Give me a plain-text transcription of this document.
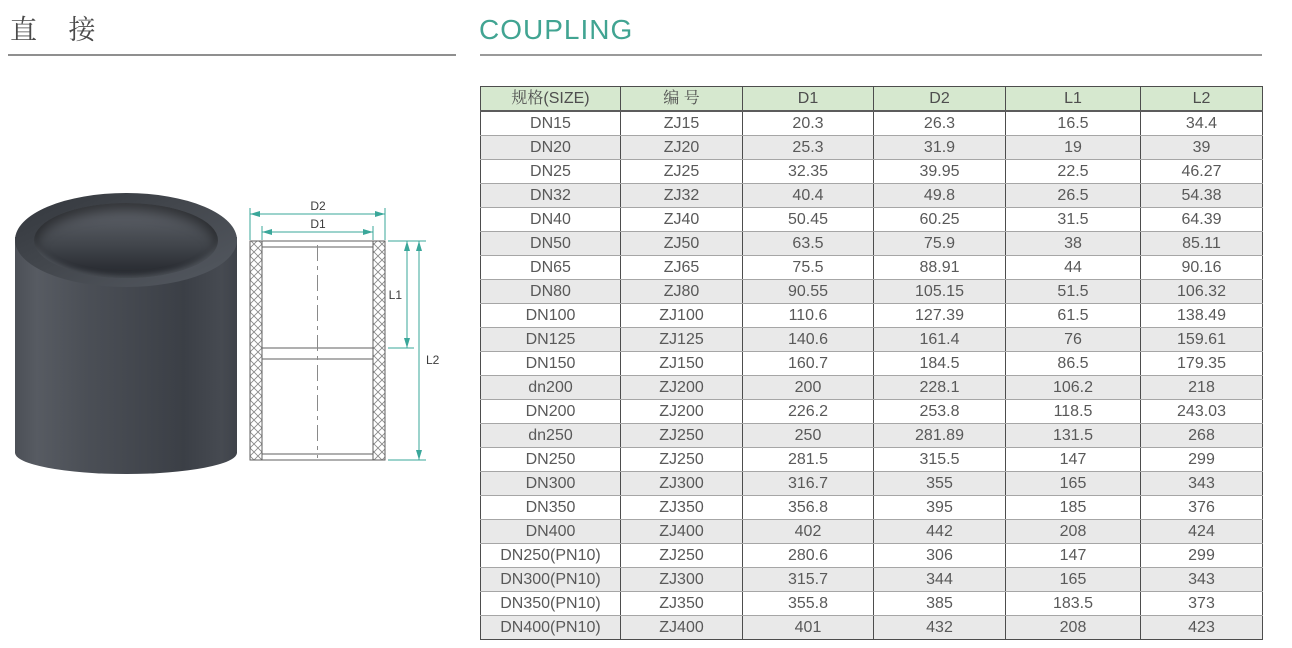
直 接	COUPLING
D2
D1
L1
L2
规格(SIZE)	编 号	D1	D2	L1	L2
DN15	ZJ15	20.3	26.3	16.5	34.4
DN20	ZJ20	25.3	31.9	19	39
DN25	ZJ25	32.35	39.95	22.5	46.27
DN32	ZJ32	40.4	49.8	26.5	54.38
DN40	ZJ40	50.45	60.25	31.5	64.39
DN50	ZJ50	63.5	75.9	38	85.11
DN65	ZJ65	75.5	88.91	44	90.16
DN80	ZJ80	90.55	105.15	51.5	106.32
DN100	ZJ100	110.6	127.39	61.5	138.49
DN125	ZJ125	140.6	161.4	76	159.61
DN150	ZJ150	160.7	184.5	86.5	179.35
dn200	ZJ200	200	228.1	106.2	218
DN200	ZJ200	226.2	253.8	118.5	243.03
dn250	ZJ250	250	281.89	131.5	268
DN250	ZJ250	281.5	315.5	147	299
DN300	ZJ300	316.7	355	165	343
DN350	ZJ350	356.8	395	185	376
DN400	ZJ400	402	442	208	424
DN250(PN10)	ZJ250	280.6	306	147	299
DN300(PN10)	ZJ300	315.7	344	165	343
DN350(PN10)	ZJ350	355.8	385	183.5	373
DN400(PN10)	ZJ400	401	432	208	423
